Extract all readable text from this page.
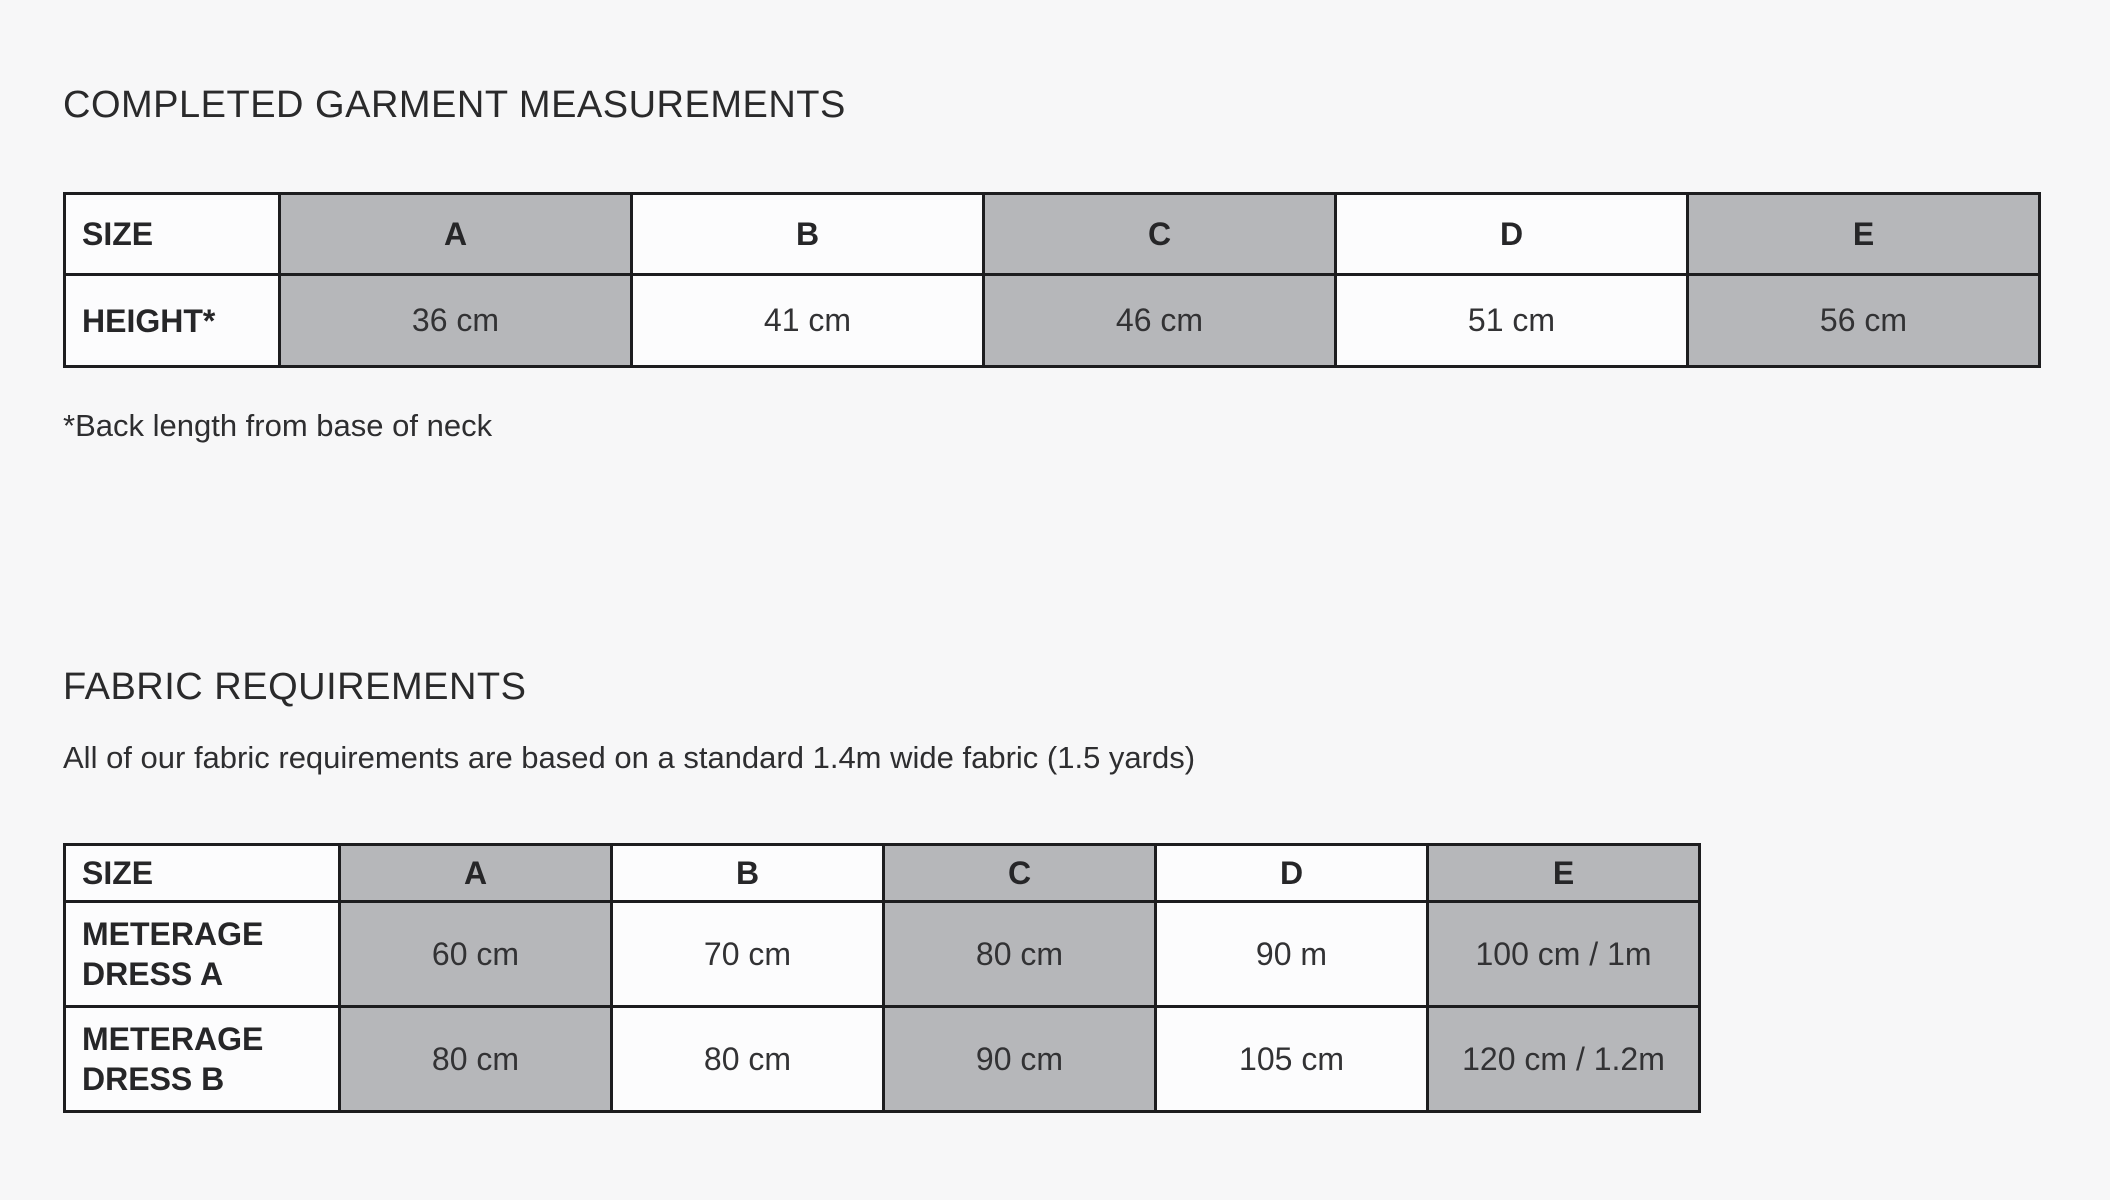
COMPLETED GARMENT MEASUREMENTS
SIZE	A	B	C	D	E
HEIGHT*	36 cm	41 cm	46 cm	51 cm	56 cm
*Back length from base of neck
FABRIC REQUIREMENTS
All of our fabric requirements are based on a standard 1.4m wide fabric (1.5 yards)
SIZE	A	B	C	D	E
METERAGE DRESS A	60 cm	70 cm	80 cm	90 m	100 cm / 1m
METERAGE DRESS B	80 cm	80 cm	90 cm	105 cm	120 cm / 1.2m
